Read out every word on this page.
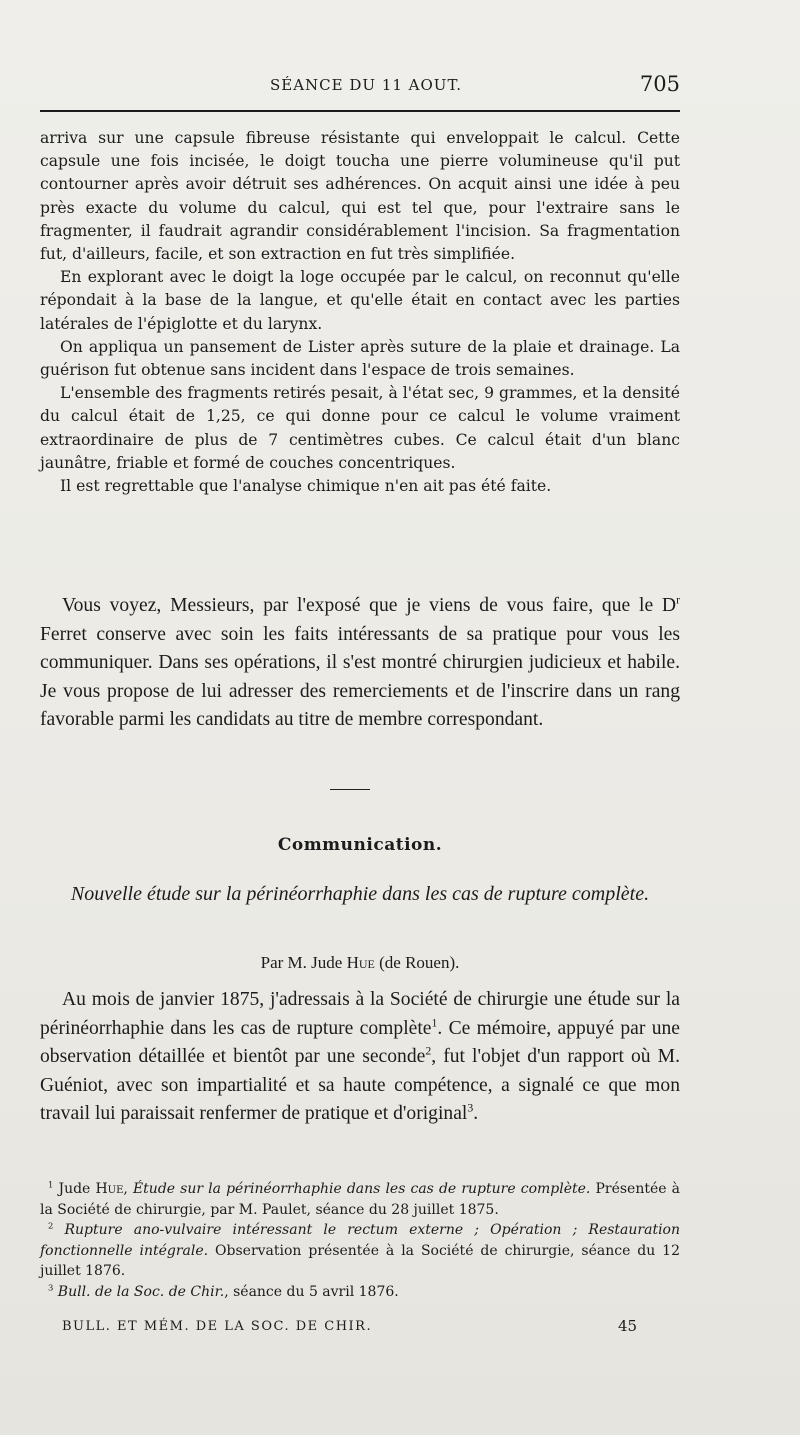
SÉANCE DU 11 AOUT.	705

arriva sur une capsule fibreuse résistante qui enveloppait le calcul. Cette capsule une fois incisée, le doigt toucha une pierre volumineuse qu'il put contourner après avoir détruit ses adhérences. On acquit ainsi une idée à peu près exacte du volume du calcul, qui est tel que, pour l'extraire sans le fragmenter, il faudrait agrandir considérablement l'incision. Sa fragmentation fut, d'ailleurs, facile, et son extraction en fut très simplifiée.

En explorant avec le doigt la loge occupée par le calcul, on reconnut qu'elle répondait à la base de la langue, et qu'elle était en contact avec les parties latérales de l'épiglotte et du larynx.

On appliqua un pansement de Lister après suture de la plaie et drainage. La guérison fut obtenue sans incident dans l'espace de trois semaines.

L'ensemble des fragments retirés pesait, à l'état sec, 9 grammes, et la densité du calcul était de 1,25, ce qui donne pour ce calcul le volume vraiment extraordinaire de plus de 7 centimètres cubes. Ce calcul était d'un blanc jaunâtre, friable et formé de couches concentriques.

Il est regrettable que l'analyse chimique n'en ait pas été faite.

Vous voyez, Messieurs, par l'exposé que je viens de vous faire, que le $D^r$ Ferret conserve avec soin les faits intéressants de sa pratique pour vous les communiquer. Dans ses opérations, il s'est montré chirurgien judicieux et habile. Je vous propose de lui adresser des remerciements et de l'inscrire dans un rang favorable parmi les candidats au titre de membre correspondant.

Communication.
Nouvelle étude sur la périnéorrhaphie dans les cas de rupture complète.
Par M. Jude Hue (de Rouen).

Au mois de janvier 1875, j'adressais à la Société de chirurgie une étude sur la périnéorrhaphie dans les cas de rupture complète$^1$. Ce mémoire, appuyé par une observation détaillée et bientôt par une seconde$^2$, fut l'objet d'un rapport où M. Guéniot, avec son impartialité et sa haute compétence, a signalé ce que mon travail lui paraissait renfermer de pratique et d'original$^3$.

$^1$ Jude Hue, Étude sur la périnéorrhaphie dans les cas de rupture complète. Présentée à la Société de chirurgie, par M. Paulet, séance du 28 juillet 1875.

$^2$ Rupture ano-vulvaire intéressant le rectum externe ; Opération ; Restauration fonctionnelle intégrale. Observation présentée à la Société de chirurgie, séance du 12 juillet 1876.

$^3$ Bull. de la Soc. de Chir., séance du 5 avril 1876.

BULL. ET MÉM. DE LA SOC. DE CHIR.	45
